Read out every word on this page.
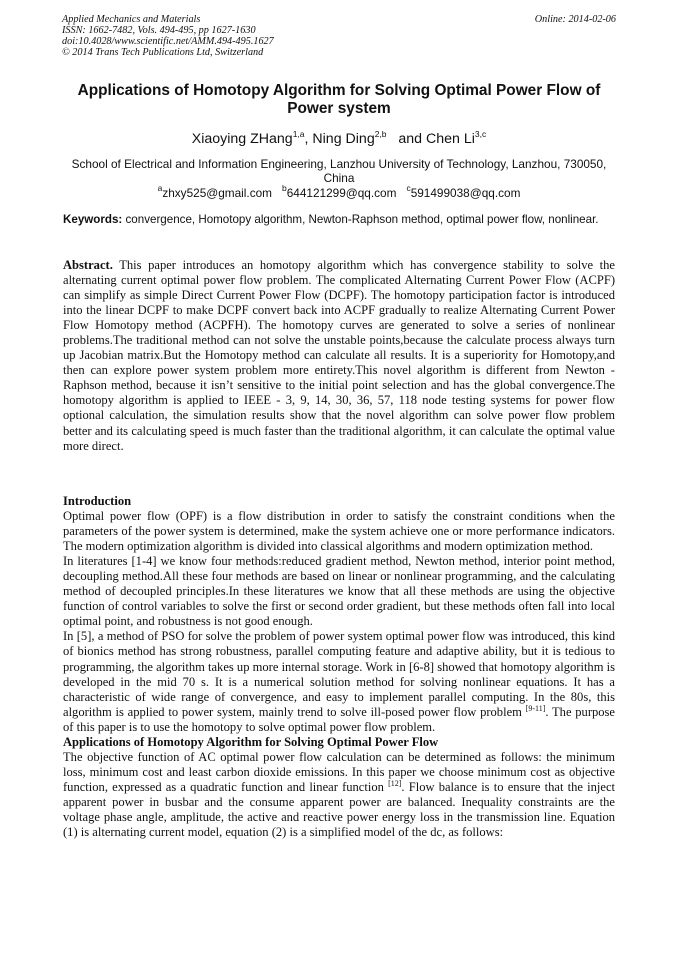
Applied Mechanics and Materials
ISSN: 1662-7482, Vols. 494-495, pp 1627-1630
doi:10.4028/www.scientific.net/AMM.494-495.1627
© 2014 Trans Tech Publications Ltd, Switzerland
Online: 2014-02-06
Applications of Homotopy Algorithm for Solving Optimal Power Flow of Power system
Xiaoying ZHang$^{1,a}$, Ning Ding$^{2,b}$   and Chen Li$^{3,c}$
School of Electrical and Information Engineering, Lanzhou University of Technology, Lanzhou, 730050, China
$^a$zhxy525@gmail.com $^b$644121299@qq.com $^c$591499038@qq.com
Keywords: convergence, Homotopy algorithm, Newton-Raphson method, optimal power flow, nonlinear.

Abstract. This paper introduces an homotopy algorithm which has convergence stability to solve the alternating current optimal power flow problem. The complicated Alternating Current Power Flow (ACPF) can simplify as simple Direct Current Power Flow (DCPF). The homotopy participation factor is introduced into the linear DCPF to make DCPF convert back into ACPF gradually to realize Alternating Current Power Flow Homotopy method (ACPFH). The homotopy curves are generated to solve a series of nonlinear problems.The traditional method can not solve the unstable points,because the calculate process always turn up Jacobian matrix.But the Homotopy method can calculate all results. It is a superiority for Homotopy,and then can explore power system problem more entirety.This novel algorithm is different from Newton - Raphson method, because it isn’t sensitive to the initial point selection and has the global convergence.The homotopy algorithm is applied to IEEE - 3, 9, 14, 30, 36, 57, 118 node testing systems for power flow optional calculation, the simulation results show that the novel algorithm can solve power flow problem better and its calculating speed is much faster than the traditional algorithm, it can calculate the optimal value more direct.

Introduction

Optimal power flow (OPF) is a flow distribution in order to satisfy the constraint conditions when the parameters of the power system is determined, make the system achieve one or more performance indicators. The modern optimization algorithm is divided into classical algorithms and modern optimization method.

In literatures [1-4] we know four methods:reduced gradient method, Newton method, interior point method, decoupling method.All these four methods are based on linear or nonlinear programming, and the calculating method of decoupled principles.In these literatures we know that all these methods are using the objective function of control variables to solve the first or second order gradient, but these methods often fall into local optimal point, and robustness is not good enough.

In [5], a method of PSO for solve the problem of power system optimal power flow was introduced, this kind of bionics method has strong robustness, parallel computing feature and adaptive ability, but it is tedious to programming, the algorithm takes up more internal storage. Work in [6-8] showed that homotopy algorithm is developed in the mid 70 s. It is a numerical solution method for solving nonlinear equations. It has a characteristic of wide range of convergence, and easy to implement parallel computing. In the 80s, this algorithm is applied to power system, mainly trend to solve ill-posed power flow problem [9-11]. The purpose of this paper is to use the homotopy to solve optimal power flow problem.

Applications of Homotopy Algorithm for Solving Optimal Power Flow

The objective function of AC optimal power flow calculation can be determined as follows: the minimum loss, minimum cost and least carbon dioxide emissions. In this paper we choose minimum cost as objective function, expressed as a quadratic function and linear function [12]. Flow balance is to ensure that the inject apparent power in busbar and the consume apparent power are balanced. Inequality constraints are the voltage phase angle, amplitude, the active and reactive power energy loss in the transmission line. Equation (1) is alternating current model, equation (2) is a simplified model of the dc, as follows:
